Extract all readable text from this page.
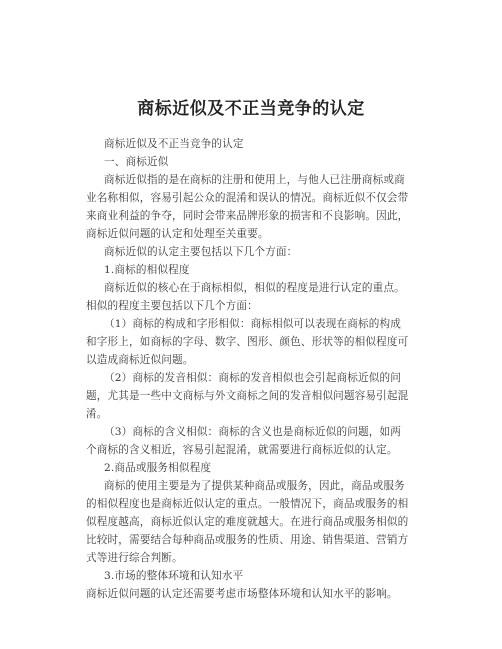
商标近似及不正当竞争的认定
商标近似及不正当竞争的认定
一、商标近似
商标近似指的是在商标的注册和使用上，与他人已注册商标或商
业名称相似，容易引起公众的混淆和误认的情况。商标近似不仅会带
来商业利益的争夺，同时会带来品牌形象的损害和不良影响。因此，
商标近似问题的认定和处理至关重要。
商标近似的认定主要包括以下几个方面：
1.商标的相似程度
商标近似的核心在于商标相似，相似的程度是进行认定的重点。
相似的程度主要包括以下几个方面：
（1）商标的构成和字形相似：商标相似可以表现在商标的构成
和字形上，如商标的字母、数字、图形、颜色、形状等的相似程度可
以造成商标近似问题。
（2）商标的发音相似：商标的发音相似也会引起商标近似的问
题，尤其是一些中文商标与外文商标之间的发音相似问题容易引起混
淆。
（3）商标的含义相似：商标的含义也是商标近似的问题，如两
个商标的含义相近，容易引起混淆，就需要进行商标近似的认定。
2.商品或服务相似程度
商标的使用主要是为了提供某种商品或服务，因此，商品或服务
的相似程度也是商标近似认定的重点。一般情况下，商品或服务的相
似程度越高，商标近似认定的难度就越大。在进行商品或服务相似的
比较时，需要结合每种商品或服务的性质、用途、销售渠道、营销方
式等进行综合判断。
3.市场的整体环境和认知水平
商标近似问题的认定还需要考虑市场整体环境和认知水平的影响。
